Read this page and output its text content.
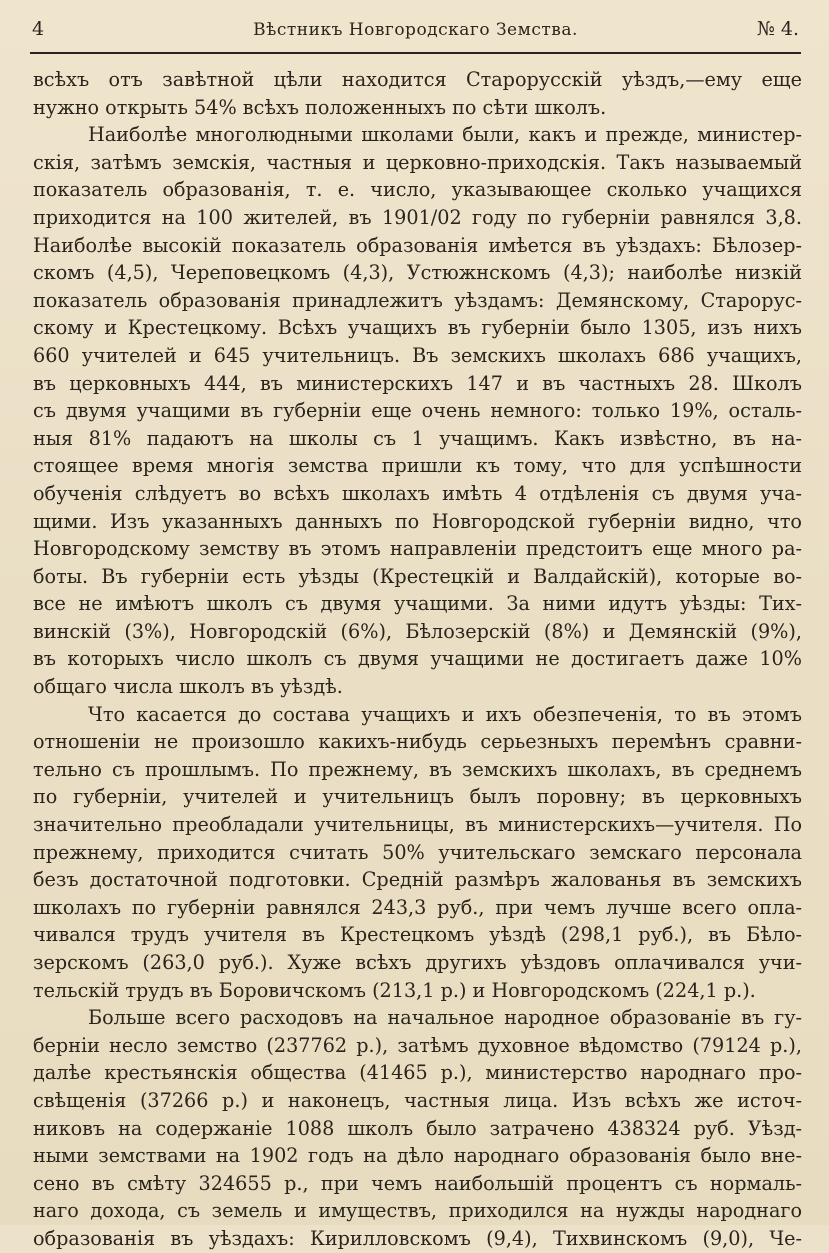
4	Вѣстникъ Новгородскаго Земства.	№ 4.
всѣхъ отъ завѣтной цѣли находится Старорусскій уѣздъ,—ему еще
нужно открыть 54% всѣхъ положенныхъ по сѣти школъ.
Наиболѣе многолюдными школами были, какъ и прежде, министер-
скія, затѣмъ земскія, частныя и церковно-приходскія. Такъ называемый
показатель образованія, т. е. число, указывающее сколько учащихся
приходится на 100 жителей, въ 1901/02 году по губерніи равнялся 3,8.
Наиболѣе высокій показатель образованія имѣется въ уѣздахъ: Бѣлозер-
скомъ (4,5), Череповецкомъ (4,3), Устюжнскомъ (4,3); наиболѣе низкій
показатель образованія принадлежитъ уѣздамъ: Демянскому, Старорус-
скому и Крестецкому. Всѣхъ учащихъ въ губерніи было 1305, изъ нихъ
660 учителей и 645 учительницъ. Въ земскихъ школахъ 686 учащихъ,
въ церковныхъ 444, въ министерскихъ 147 и въ частныхъ 28. Школъ
съ двумя учащими въ губерніи еще очень немного: только 19%, осталь-
ныя 81% падаютъ на школы съ 1 учащимъ. Какъ извѣстно, въ на-
стоящее время многія земства пришли къ тому, что для успѣшности
обученія слѣдуетъ во всѣхъ школахъ имѣть 4 отдѣленія съ двумя уча-
щими. Изъ указанныхъ данныхъ по Новгородской губерніи видно, что
Новгородскому земству въ этомъ направленіи предстоитъ еще много ра-
боты. Въ губерніи есть уѣзды (Крестецкій и Валдайскій), которые во-
все не имѣютъ школъ съ двумя учащими. За ними идутъ уѣзды: Тих-
винскій (3%), Новгородскій (6%), Бѣлозерскій (8%) и Демянскій (9%),
въ которыхъ число школъ съ двумя учащими не достигаетъ даже 10%
общаго числа школъ въ уѣздѣ.
Что касается до состава учащихъ и ихъ обезпеченія, то въ этомъ
отношеніи не произошло какихъ-нибудь серьезныхъ перемѣнъ сравни-
тельно съ прошлымъ. По прежнему, въ земскихъ школахъ, въ среднемъ
по губерніи, учителей и учительницъ былъ поровну; въ церковныхъ
значительно преобладали учительницы, въ министерскихъ—учителя. По
прежнему, приходится считать 50% учительскаго земскаго персонала
безъ достаточной подготовки. Средній размѣръ жалованья въ земскихъ
школахъ по губерніи равнялся 243,3 руб., при чемъ лучше всего опла-
чивался трудъ учителя въ Крестецкомъ уѣздѣ (298,1 руб.), въ Бѣло-
зерскомъ (263,0 руб.). Хуже всѣхъ другихъ уѣздовъ оплачивался учи-
тельскій трудъ въ Боровичскомъ (213,1 р.) и Новгородскомъ (224,1 р.).
Больше всего расходовъ на начальное народное образованіе въ гу-
берніи несло земство (237762 р.), затѣмъ духовное вѣдомство (79124 р.),
далѣе крестьянскія общества (41465 р.), министерство народнаго про-
свѣщенія (37266 р.) и наконецъ, частныя лица. Изъ всѣхъ же источ-
никовъ на содержаніе 1088 школъ было затрачено 438324 руб. Уѣзд-
ными земствами на 1902 годъ на дѣло народнаго образованія было вне-
сено въ смѣту 324655 р., при чемъ наибольшій процентъ съ нормаль-
наго дохода, съ земель и имуществъ, приходился на нужды народнаго
образованія въ уѣздахъ: Кирилловскомъ (9,4), Тихвинскомъ (9,0), Че-
